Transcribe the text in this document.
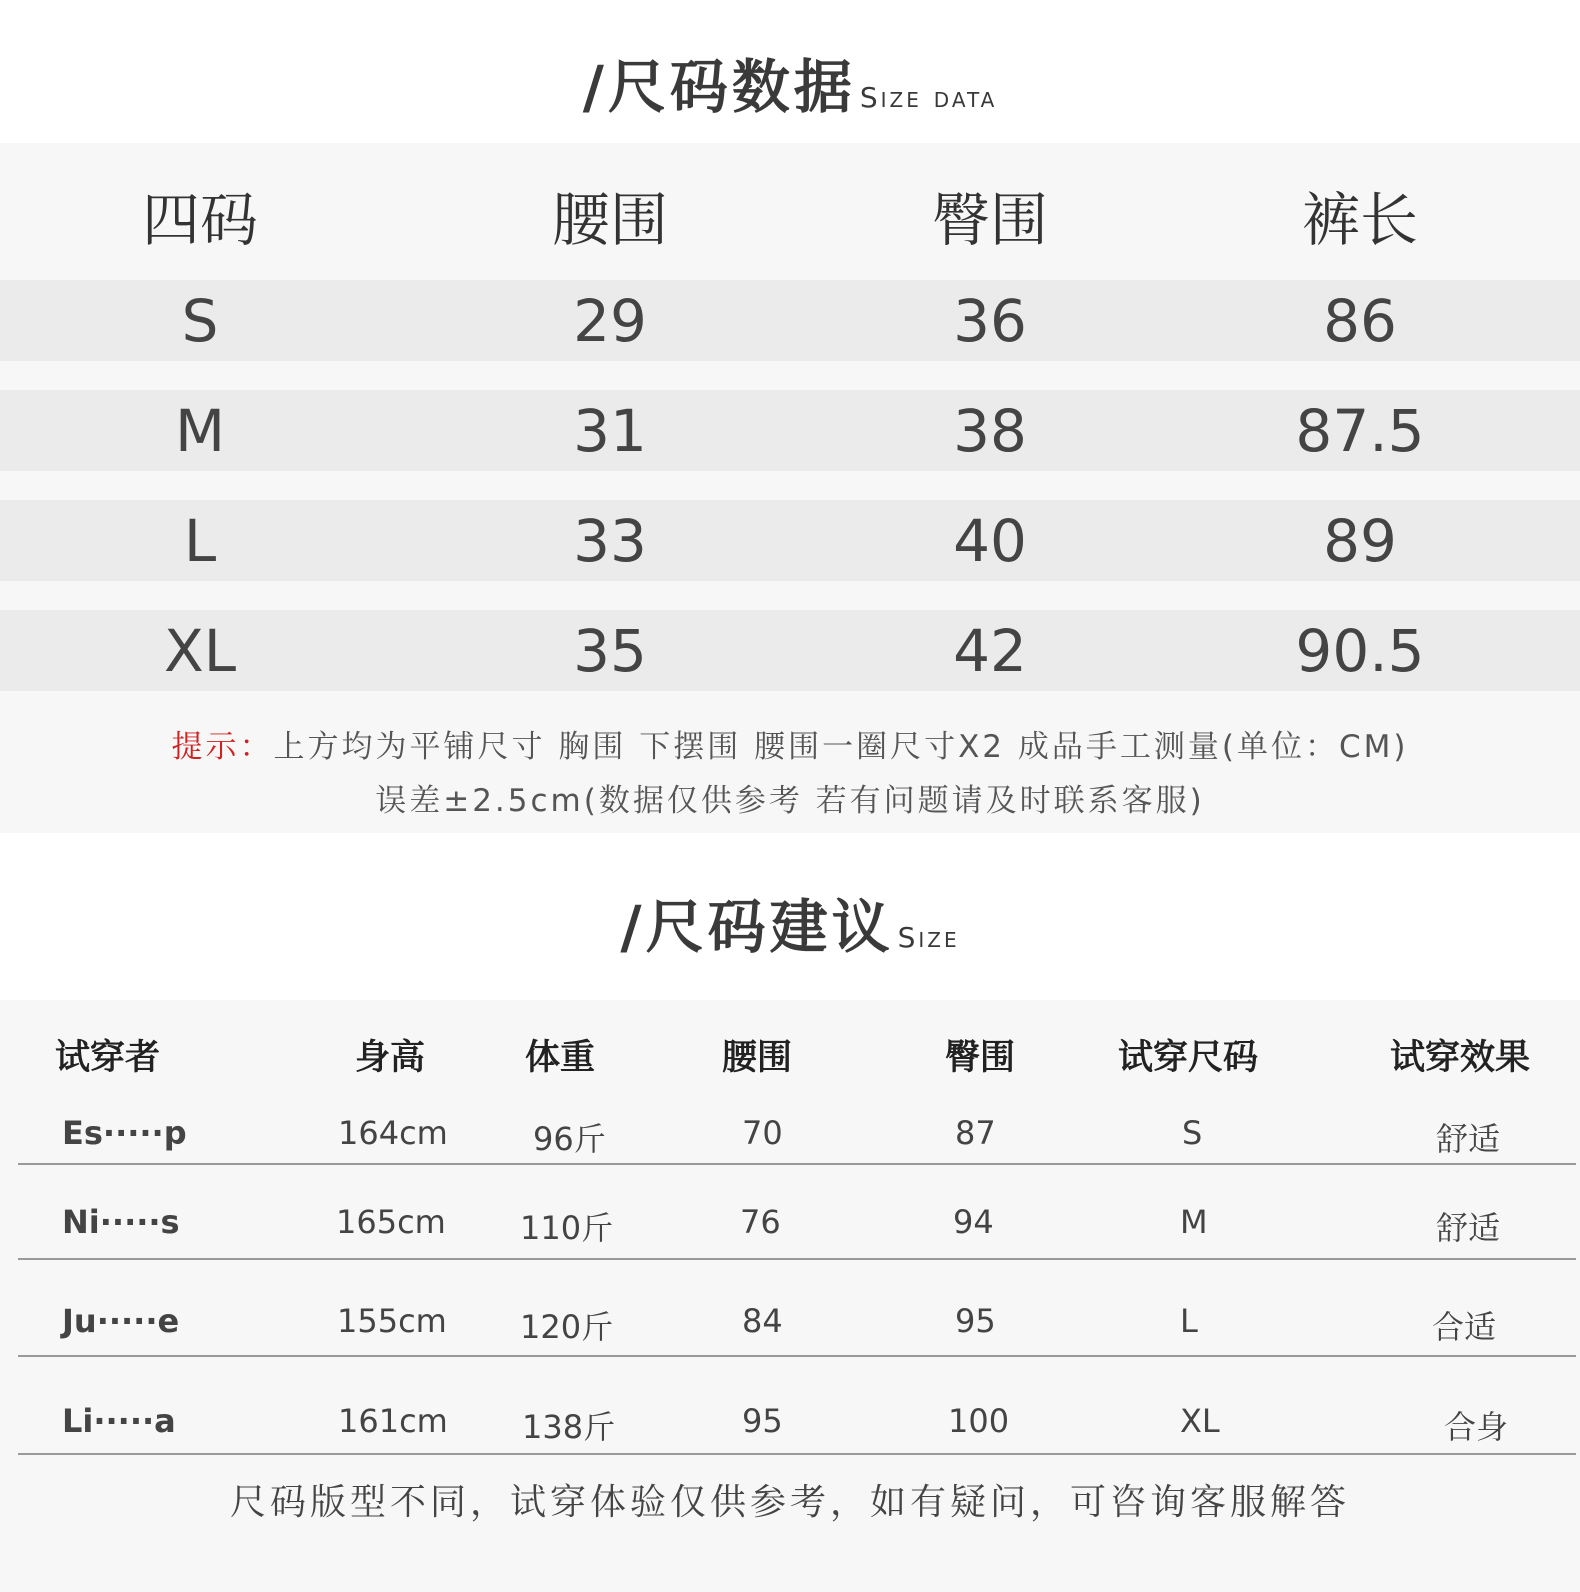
/尺码数据 Size data
四码	腰围	臀围	裤长
S	29	36	86
M	31	38	87.5
L	33	40	89
XL	35	42	90.5
提示：上方均为平铺尺寸 胸围 下摆围 腰围一圈尺寸X2 成品手工测量(单位：CM)
误差±2.5cm(数据仅供参考 若有问题请及时联系客服)
/尺码建议 Size
试穿者	身高	体重	腰围	臀围	试穿尺码	试穿效果
Es·····p	164cm	96斤	70	87	S	舒适
Ni·····s	165cm 110斤	76	94	M	舒适
Ju·····e	155cm 120斤	84	95	L	合适
Li·····a	161cm 138斤	95	100	XL	合身
尺码版型不同，试穿体验仅供参考，如有疑问，可咨询客服解答
